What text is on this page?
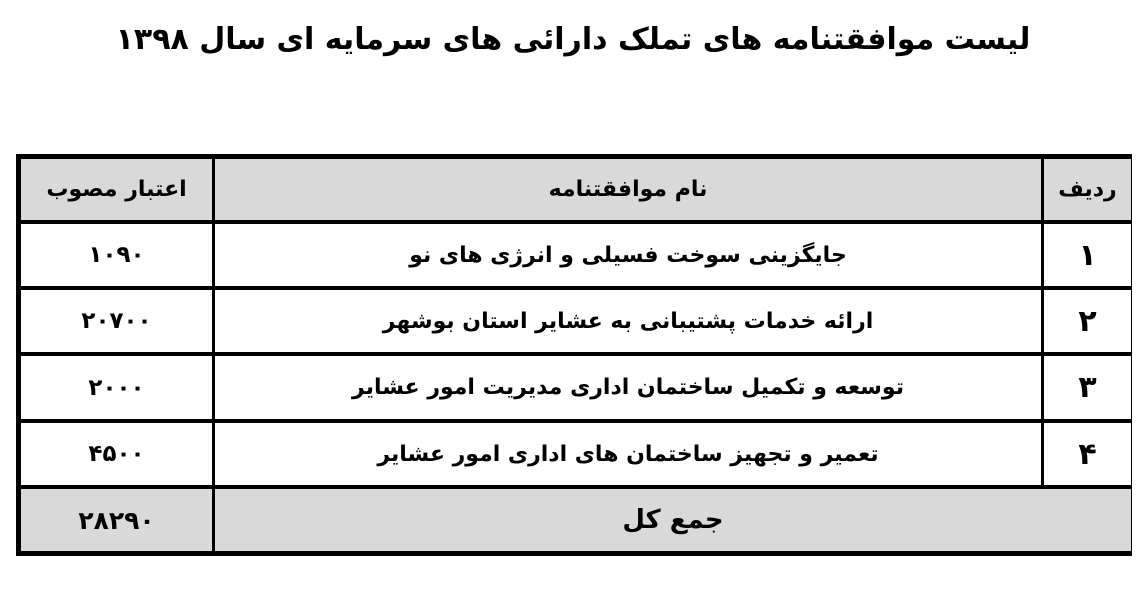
لیست موافقتنامه های تملک دارائی های سرمایه ای سال ۱۳۹۸
اعتبار مصوب	نام موافقتنامه	ردیف
۱۰۹۰	جایگزینی سوخت فسیلی و انرژی های نو	۱
۲۰۷۰۰	ارائه خدمات پشتیبانی به عشایر استان بوشهر	۲
۲۰۰۰	توسعه و تکمیل ساختمان اداری مدیریت امور عشایر	۳
۴۵۰۰	تعمیر و تجهیز ساختمان های اداری امور عشایر	۴
۲۸۲۹۰	جمع کل
